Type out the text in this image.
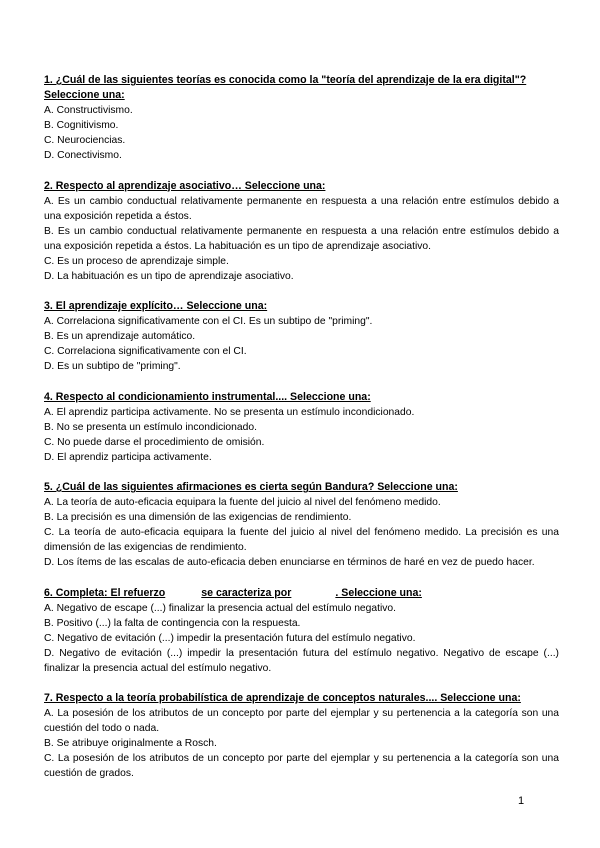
1. ¿Cuál de las siguientes teorías es conocida como la "teoría del aprendizaje de la era digital"?
Seleccione una:
A. Constructivismo.
B. Cognitivismo.
C. Neurociencias.
D. Conectivismo.
2. Respecto al aprendizaje asociativo… Seleccione una:
A. Es un cambio conductual relativamente permanente en respuesta a una relación entre estímulos debido a una exposición repetida a éstos.
B. Es un cambio conductual relativamente permanente en respuesta a una relación entre estímulos debido a una exposición repetida a éstos. La habituación es un tipo de aprendizaje asociativo.
C. Es un proceso de aprendizaje simple.
D. La habituación es un tipo de aprendizaje asociativo.
3. El aprendizaje explícito… Seleccione una:
A. Correlaciona significativamente con el CI. Es un subtipo de "priming".
B. Es un aprendizaje automático.
C. Correlaciona significativamente con el CI.
D. Es un subtipo de "priming".
4. Respecto al condicionamiento instrumental.... Seleccione una:
A. El aprendiz participa activamente. No se presenta un estímulo incondicionado.
B. No se presenta un estímulo incondicionado.
C. No puede darse el procedimiento de omisión.
D. El aprendiz participa activamente.
5. ¿Cuál de las siguientes afirmaciones es cierta según Bandura? Seleccione una:
A. La teoría de auto-eficacia equipara la fuente del juicio al nivel del fenómeno medido.
B. La precisión es una dimensión de las exigencias de rendimiento.
C. La teoría de auto-eficacia equipara la fuente del juicio al nivel del fenómeno medido. La precisión es una dimensión de las exigencias de rendimiento.
D. Los ítems de las escalas de auto-eficacia deben enunciarse en términos de haré en vez de puedo hacer.
6. Completa: El refuerzo	se caracteriza por	. Seleccione una:
A. Negativo de escape (...) finalizar la presencia actual del estímulo negativo.
B. Positivo (...) la falta de contingencia con la respuesta.
C. Negativo de evitación (...) impedir la presentación futura del estímulo negativo.
D. Negativo de evitación (...) impedir la presentación futura del estímulo negativo. Negativo de escape (...) finalizar la presencia actual del estímulo negativo.
7. Respecto a la teoría probabilística de aprendizaje de conceptos naturales.... Seleccione una:
A. La posesión de los atributos de un concepto por parte del ejemplar y su pertenencia a la categoría son una cuestión del todo o nada.
B. Se atribuye originalmente a Rosch.
C. La posesión de los atributos de un concepto por parte del ejemplar y su pertenencia a la categoría son una cuestión de grados.
1
